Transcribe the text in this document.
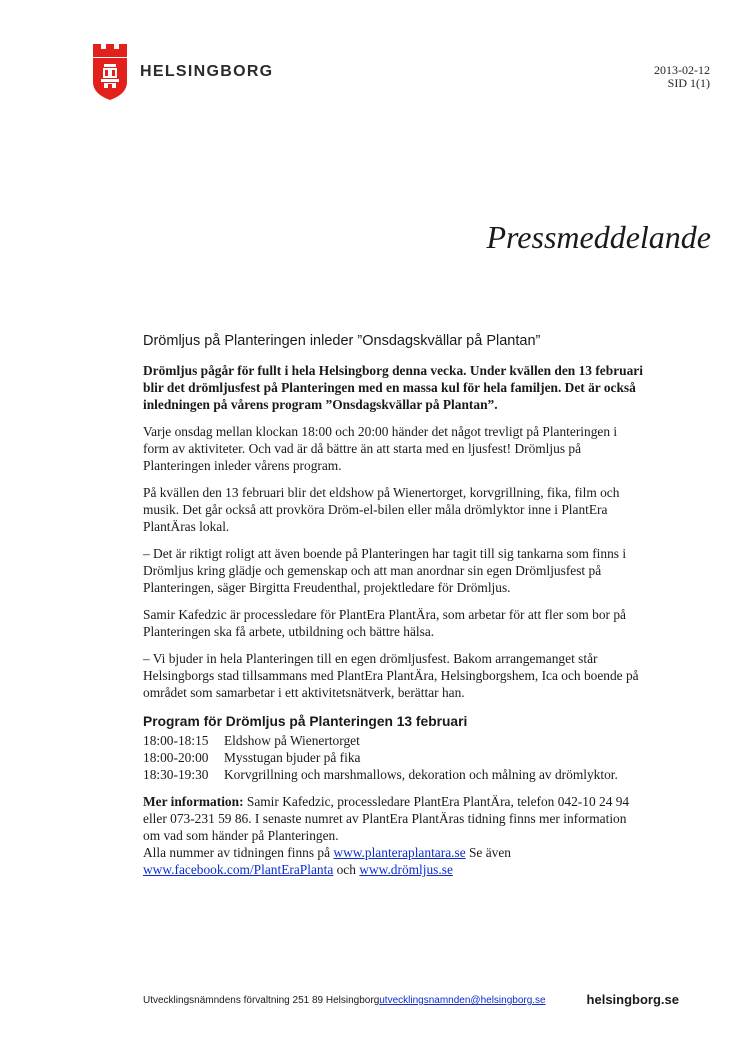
HELSINGBORG	2013-02-12
SID 1(1)
Pressmeddelande
Drömljus på Planteringen inleder ”Onsdagskvällar på Plantan”

Drömljus pågår för fullt i hela Helsingborg denna vecka. Under kvällen den 13 februari blir det drömljusfest på Planteringen med en massa kul för hela familjen. Det är också inledningen på vårens program ”Onsdagskvällar på Plantan”.

Varje onsdag mellan klockan 18:00 och 20:00 händer det något trevligt på Planteringen i form av aktiviteter. Och vad är då bättre än att starta med en ljusfest! Drömljus på Planteringen inleder vårens program.

På kvällen den 13 februari blir det eldshow på Wienertorget, korvgrillning, fika, film och musik. Det går också att provköra Dröm-el-bilen eller måla drömlyktor inne i PlantEra PlantÄras lokal.

– Det är riktigt roligt att även boende på Planteringen har tagit till sig tankarna som finns i Drömljus kring glädje och gemenskap och att man anordnar sin egen Drömljusfest på Planteringen, säger Birgitta Freudenthal, projektledare för Drömljus.

Samir Kafedzic är processledare för PlantEra PlantÄra, som arbetar för att fler som bor på Planteringen ska få arbete, utbildning och bättre hälsa.

– Vi bjuder in hela Planteringen till en egen drömljusfest. Bakom arrangemanget står Helsingborgs stad tillsammans med PlantEra PlantÄra, Helsingborgshem, Ica och boende på området som samarbetar i ett aktivitetsnätverk, berättar han.

Program för Drömljus på Planteringen 13 februari
18:00-18:15	Eldshow på Wienertorget
18:00-20:00	Mysstugan bjuder på fika
18:30-19:30	Korvgrillning och marshmallows, dekoration och målning av drömlyktor.
Mer information: Samir Kafedzic, processledare PlantEra PlantÄra, telefon 042-10 24 94 eller 073-231 59 86. I senaste numret av PlantEra PlantÄras tidning finns mer information om vad som händer på Planteringen.
Alla nummer av tidningen finns på www.planteraplantara.se Se även
www.facebook.com/PlantEraPlanta och www.drömljus.se
Utvecklingsnämndens förvaltning 251 89 Helsingborgutvecklingsnamnden@helsingborg.se	helsingborg.se
